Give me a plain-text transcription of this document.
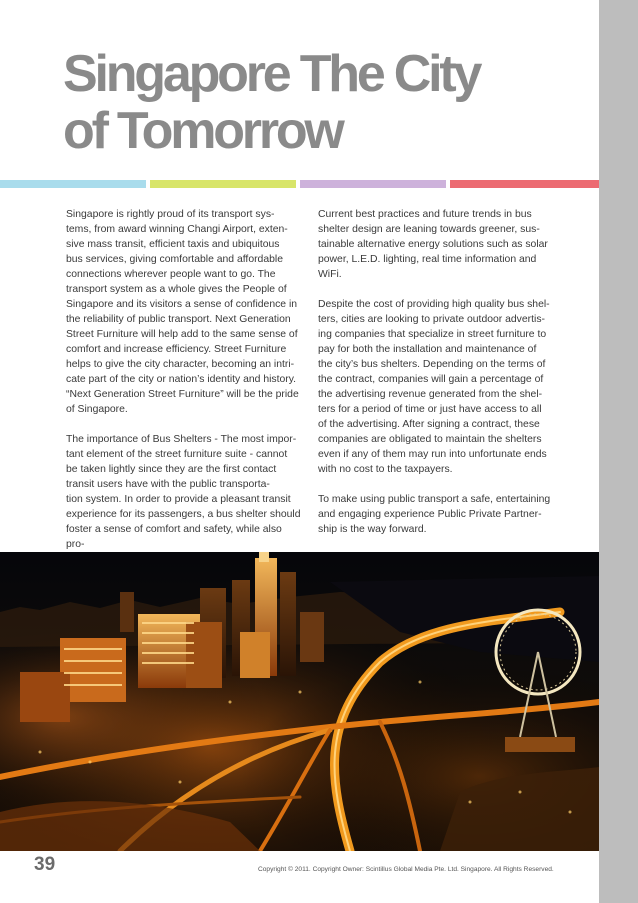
Singapore The City
of Tomorrow

Singapore is rightly proud of its transport sys-
tems, from award winning Changi Airport, exten-
sive mass transit, efficient taxis and ubiquitous
bus services, giving comfortable and affordable
connections wherever people want to go. The
transport system as a whole gives the People of
Singapore and its visitors a sense of confidence in
the reliability of public transport. Next Generation
Street Furniture will help add to the same sense of
comfort and increase efficiency. Street Furniture
helps to give the city character, becoming an intri-
cate part of the city or nation’s identity and history.
“Next Generation Street Furniture” will be the pride
of Singapore.

The importance of Bus Shelters - The most impor-
tant element of the street furniture suite - cannot
be taken lightly since they are the first contact
transit users have with the public transporta-
tion system. In order to provide a pleasant transit
experience for its passengers, a bus shelter should
foster a sense of comfort and safety, while also pro-

Current best practices and future trends in bus
shelter design are leaning towards greener, sus-
tainable alternative energy solutions such as solar
power, L.E.D. lighting, real time information and
WiFi.

Despite the cost of providing high quality bus shel-
ters, cities are looking to private outdoor advertis-
ing companies that specialize in street furniture to
pay for both the installation and maintenance of
the city’s bus shelters. Depending on the terms of
the contract, companies will gain a percentage of
the advertising revenue generated from the shel-
ters for a period of time or just have access to all
of the advertising. After signing a contract, these
companies are obligated to maintain the shelters
even if any of them may run into unfortunate ends
with no cost to the taxpayers.

To make using public transport a safe, entertaining
and engaging experience Public Private Partner-
ship is the way forward.

39	Copyright © 2011. Copyright Owner: Scintillus Global Media Pte. Ltd. Singapore. All Rights Reserved.
